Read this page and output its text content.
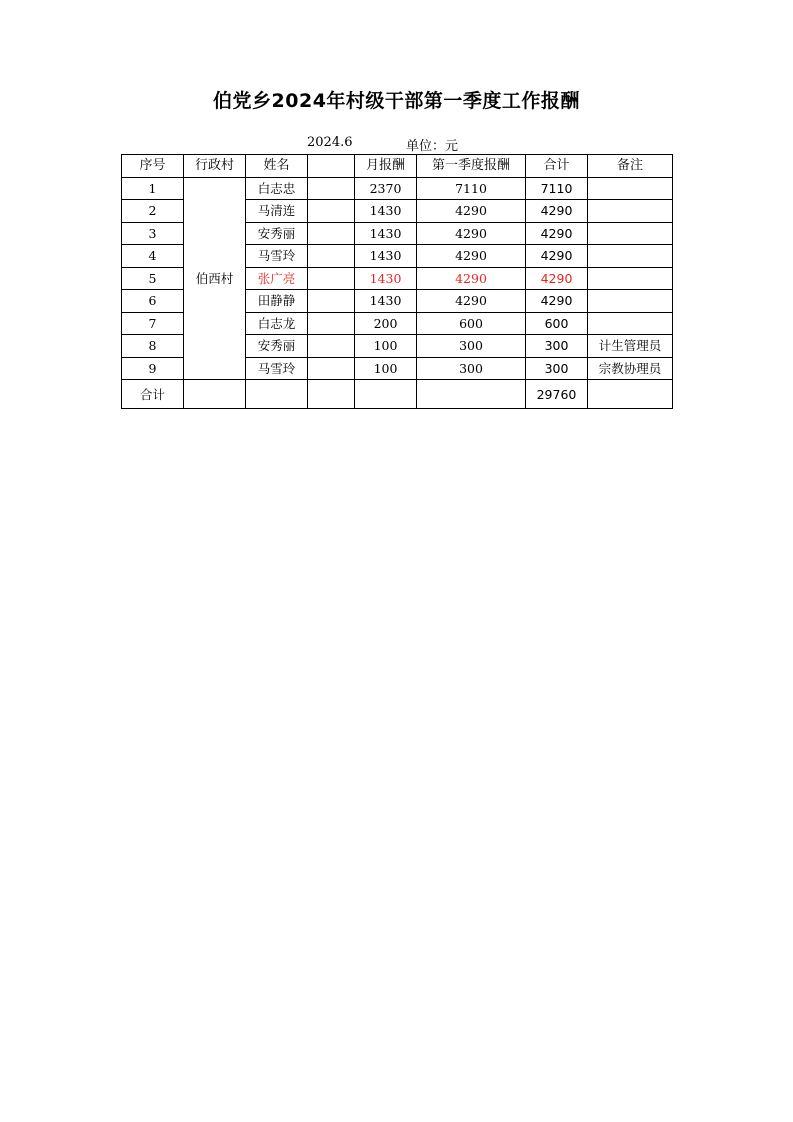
伯党乡2024年村级干部第一季度工作报酬
2024.6	单位：元
序号	行政村	姓名		月报酬	第一季度报酬	合计	备注
1	伯西村	白志忠		2370	7110	7110	
2		马清连		1430	4290	4290	
3		安秀丽		1430	4290	4290	
4		马雪玲		1430	4290	4290	
5		张广亮		1430	4290	4290	
6		田静静		1430	4290	4290	
7		白志龙		200	600	600	
8		安秀丽		100	300	300	计生管理员
9		马雪玲		100	300	300	宗教协理员
合计						29760	
